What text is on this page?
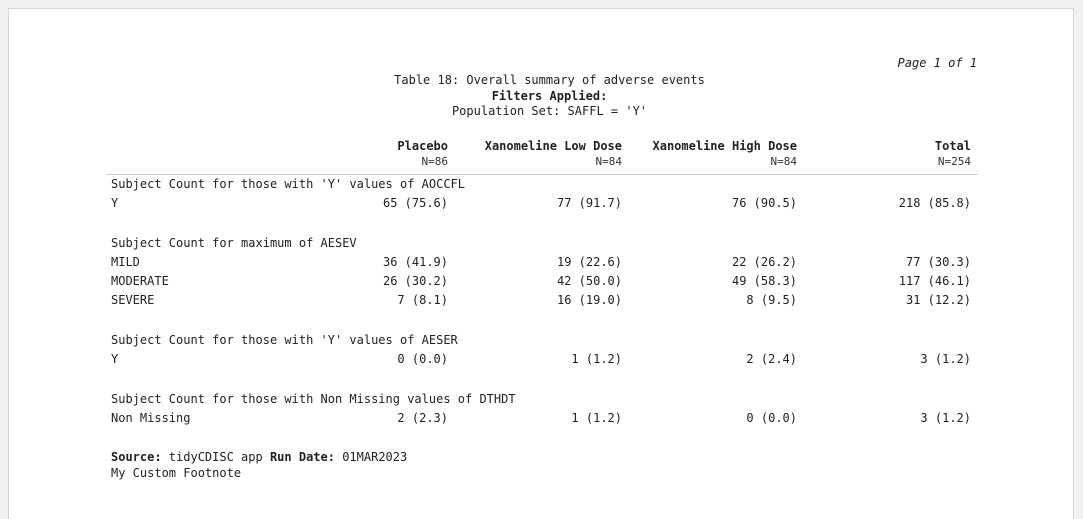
Page 1 of 1
Table 18: Overall summary of adverse events
Filters Applied:
Population Set: SAFFL = 'Y'
Placebo	Xanomeline Low Dose	Xanomeline High Dose	Total
N=86	N=84	N=84	N=254
Subject Count for those with 'Y' values of AOCCFL
Y	65 (75.6)	77 (91.7)	76 (90.5)	218 (85.8)
Subject Count for maximum of AESEV
MILD	36 (41.9)	19 (22.6)	22 (26.2)	77 (30.3)
MODERATE	26 (30.2)	42 (50.0)	49 (58.3)	117 (46.1)
SEVERE	7 (8.1)	16 (19.0)	8 (9.5)	31 (12.2)
Subject Count for those with 'Y' values of AESER
Y	0 (0.0)	1 (1.2)	2 (2.4)	3 (1.2)
Subject Count for those with Non Missing values of DTHDT
Non Missing	2 (2.3)	1 (1.2)	0 (0.0)	3 (1.2)
Source: tidyCDISC app Run Date: 01MAR2023
My Custom Footnote
